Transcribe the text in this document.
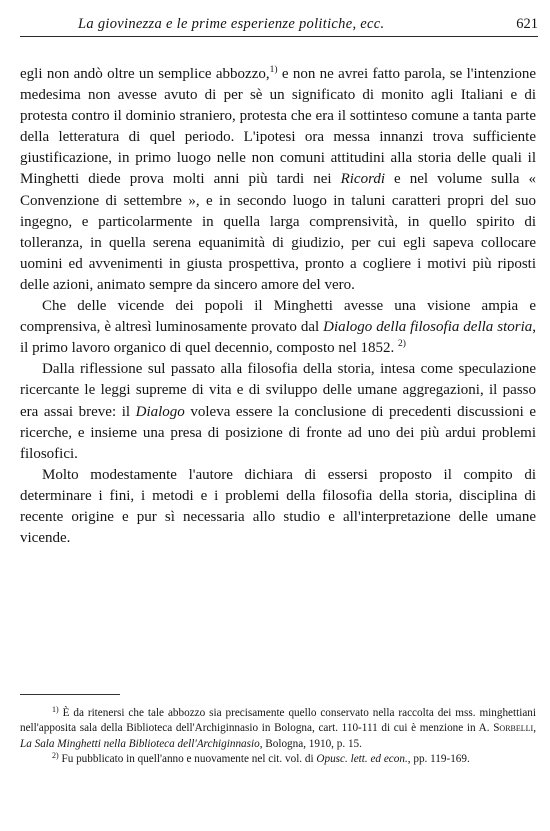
La giovinezza e le prime esperienze politiche, ecc.	621

egli non andò oltre un semplice abbozzo,$^{1)}$ e non ne avrei fatto parola, se l'intenzione medesima non avesse avuto di per sè un significato di monito agli Italiani e di protesta contro il dominio straniero, protesta che era il sottinteso comune a tanta parte della letteratura di quel periodo. L'ipotesi ora messa innanzi trova sufficiente giustificazione, in primo luogo nelle non comuni attitudini alla storia delle quali il Minghetti diede prova molti anni più tardi nei Ricordi e nel volume sulla « Convenzione di settembre », e in secondo luogo in taluni caratteri propri del suo ingegno, e particolarmente in quella larga comprensività, in quello spirito di tolleranza, in quella serena equanimità di giudizio, per cui egli sapeva collocare uomini ed avvenimenti in giusta prospettiva, pronto a cogliere i motivi più riposti delle azioni, animato sempre da sincero amore del vero.

Che delle vicende dei popoli il Minghetti avesse una visione ampia e comprensiva, è altresì luminosamente provato dal Dialogo della filosofia della storia, il primo lavoro organico di quel decennio, composto nel 1852. $^{2)}$

Dalla riflessione sul passato alla filosofia della storia, intesa come speculazione ricercante le leggi supreme di vita e di sviluppo delle umane aggregazioni, il passo era assai breve: il Dialogo voleva essere la conclusione di precedenti discussioni e ricerche, e insieme una presa di posizione di fronte ad uno dei più ardui problemi filosofici.

Molto modestamente l'autore dichiara di essersi proposto il compito di determinare i fini, i metodi e i problemi della filosofia della storia, disciplina di recente origine e pur sì necessaria allo studio e all'interpretazione delle umane vicende.

$^{1)}$ È da ritenersi che tale abbozzo sia precisamente quello conservato nella raccolta dei mss. minghettiani nell'apposita sala della Biblioteca dell'Archiginnasio in Bologna, cart. 110-111 di cui è menzione in A. Sorbelli, La Sala Minghetti nella Biblioteca dell'Archiginnasio, Bologna, 1910, p. 15.

$^{2)}$ Fu pubblicato in quell'anno e nuovamente nel cit. vol. di Opusc. lett. ed econ., pp. 119-169.
